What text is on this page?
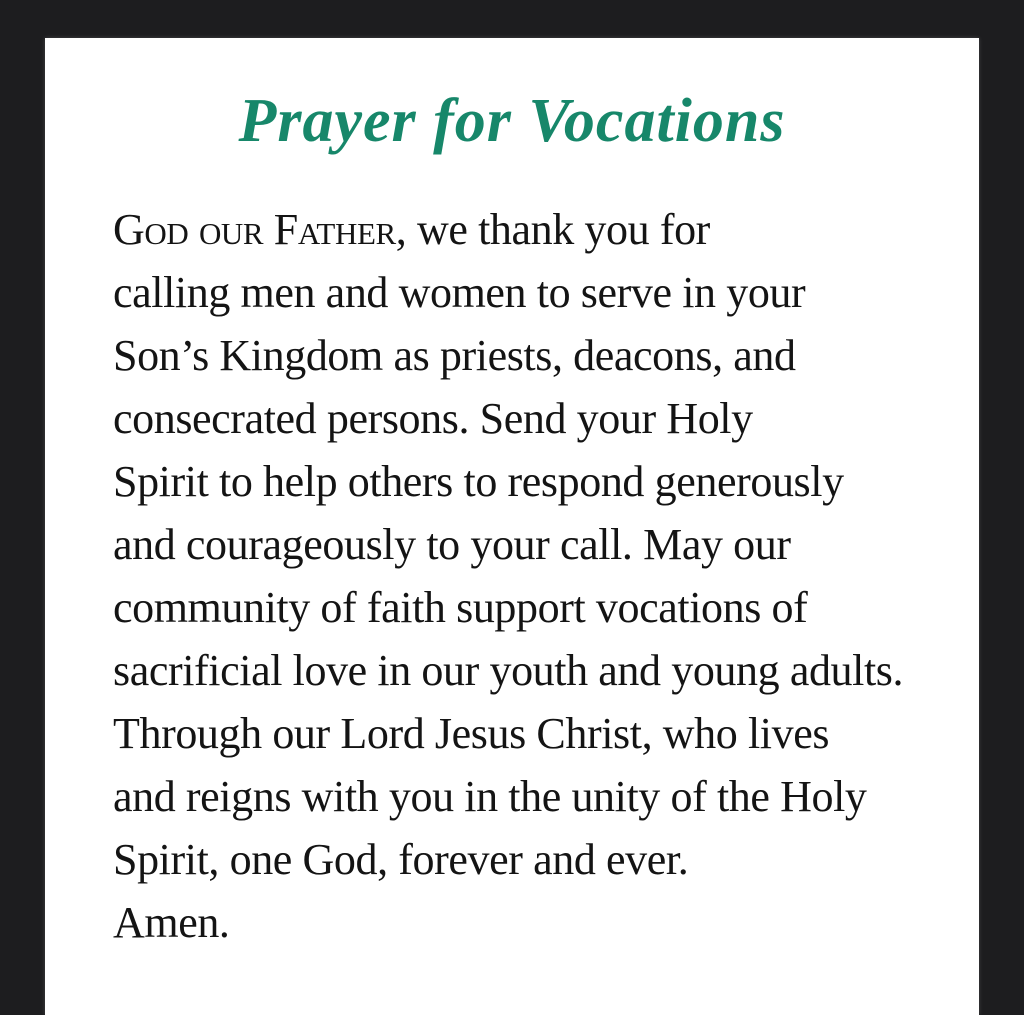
Prayer for Vocations

God our Father, we thank you for

calling men and women to serve in your

Son’s Kingdom as priests, deacons, and

consecrated persons. Send your Holy

Spirit to help others to respond generously

and courageously to your call. May our

community of faith support vocations of

sacrificial love in our youth and young adults.

Through our Lord Jesus Christ, who lives

and reigns with you in the unity of the Holy

Spirit, one God, forever and ever.

Amen.
